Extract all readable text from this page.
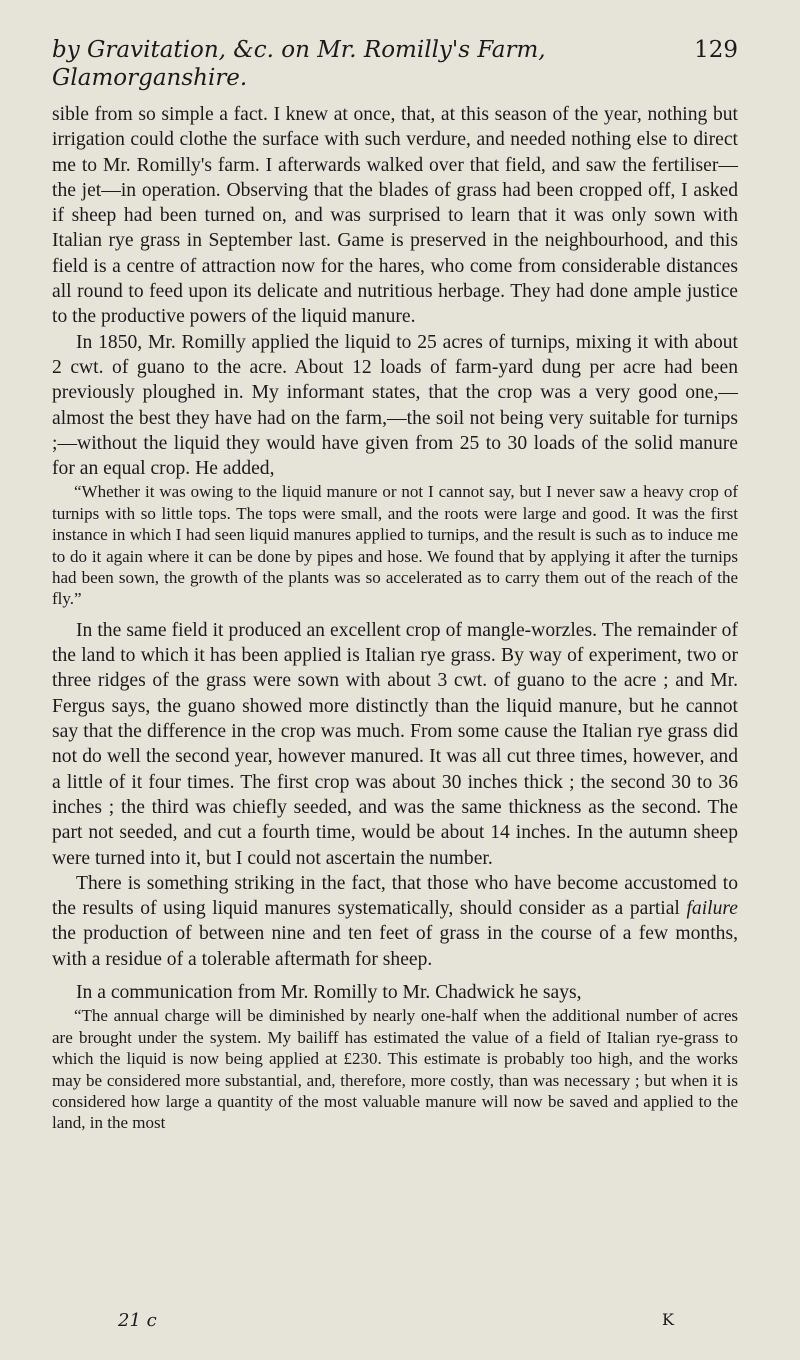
by Gravitation, &c. on Mr. Romilly's Farm, Glamorganshire.
129

sible from so simple a fact. I knew at once, that, at this season of the year, nothing but irrigation could clothe the surface with such verdure, and needed nothing else to direct me to Mr. Romilly's farm. I afterwards walked over that field, and saw the fertiliser—the jet—in operation. Observing that the blades of grass had been cropped off, I asked if sheep had been turned on, and was surprised to learn that it was only sown with Italian rye grass in September last. Game is preserved in the neighbourhood, and this field is a centre of attraction now for the hares, who come from considerable distances all round to feed upon its delicate and nutritious herbage. They had done ample justice to the productive powers of the liquid manure.

In 1850, Mr. Romilly applied the liquid to 25 acres of turnips, mixing it with about 2 cwt. of guano to the acre. About 12 loads of farm-yard dung per acre had been previously ploughed in. My informant states, that the crop was a very good one,—almost the best they have had on the farm,—the soil not being very suitable for turnips ;—without the liquid they would have given from 25 to 30 loads of the solid manure for an equal crop. He added,

“Whether it was owing to the liquid manure or not I cannot say, but I never saw a heavy crop of turnips with so little tops. The tops were small, and the roots were large and good. It was the first instance in which I had seen liquid manures applied to turnips, and the result is such as to induce me to do it again where it can be done by pipes and hose. We found that by applying it after the turnips had been sown, the growth of the plants was so accelerated as to carry them out of the reach of the fly.”

In the same field it produced an excellent crop of mangle-worzles. The remainder of the land to which it has been applied is Italian rye grass. By way of experiment, two or three ridges of the grass were sown with about 3 cwt. of guano to the acre ; and Mr. Fergus says, the guano showed more distinctly than the liquid manure, but he cannot say that the difference in the crop was much. From some cause the Italian rye grass did not do well the second year, however manured. It was all cut three times, however, and a little of it four times. The first crop was about 30 inches thick ; the second 30 to 36 inches ; the third was chiefly seeded, and was the same thickness as the second. The part not seeded, and cut a fourth time, would be about 14 inches. In the autumn sheep were turned into it, but I could not ascertain the number.

There is something striking in the fact, that those who have become accustomed to the results of using liquid manures systematically, should consider as a partial failure the production of between nine and ten feet of grass in the course of a few months, with a residue of a tolerable aftermath for sheep.

In a communication from Mr. Romilly to Mr. Chadwick he says,

“The annual charge will be diminished by nearly one-half when the additional number of acres are brought under the system. My bailiff has estimated the value of a field of Italian rye-grass to which the liquid is now being applied at £230. This estimate is probably too high, and the works may be considered more substantial, and, therefore, more costly, than was necessary ; but when it is considered how large a quantity of the most valuable manure will now be saved and applied to the land, in the most

21 c	K
